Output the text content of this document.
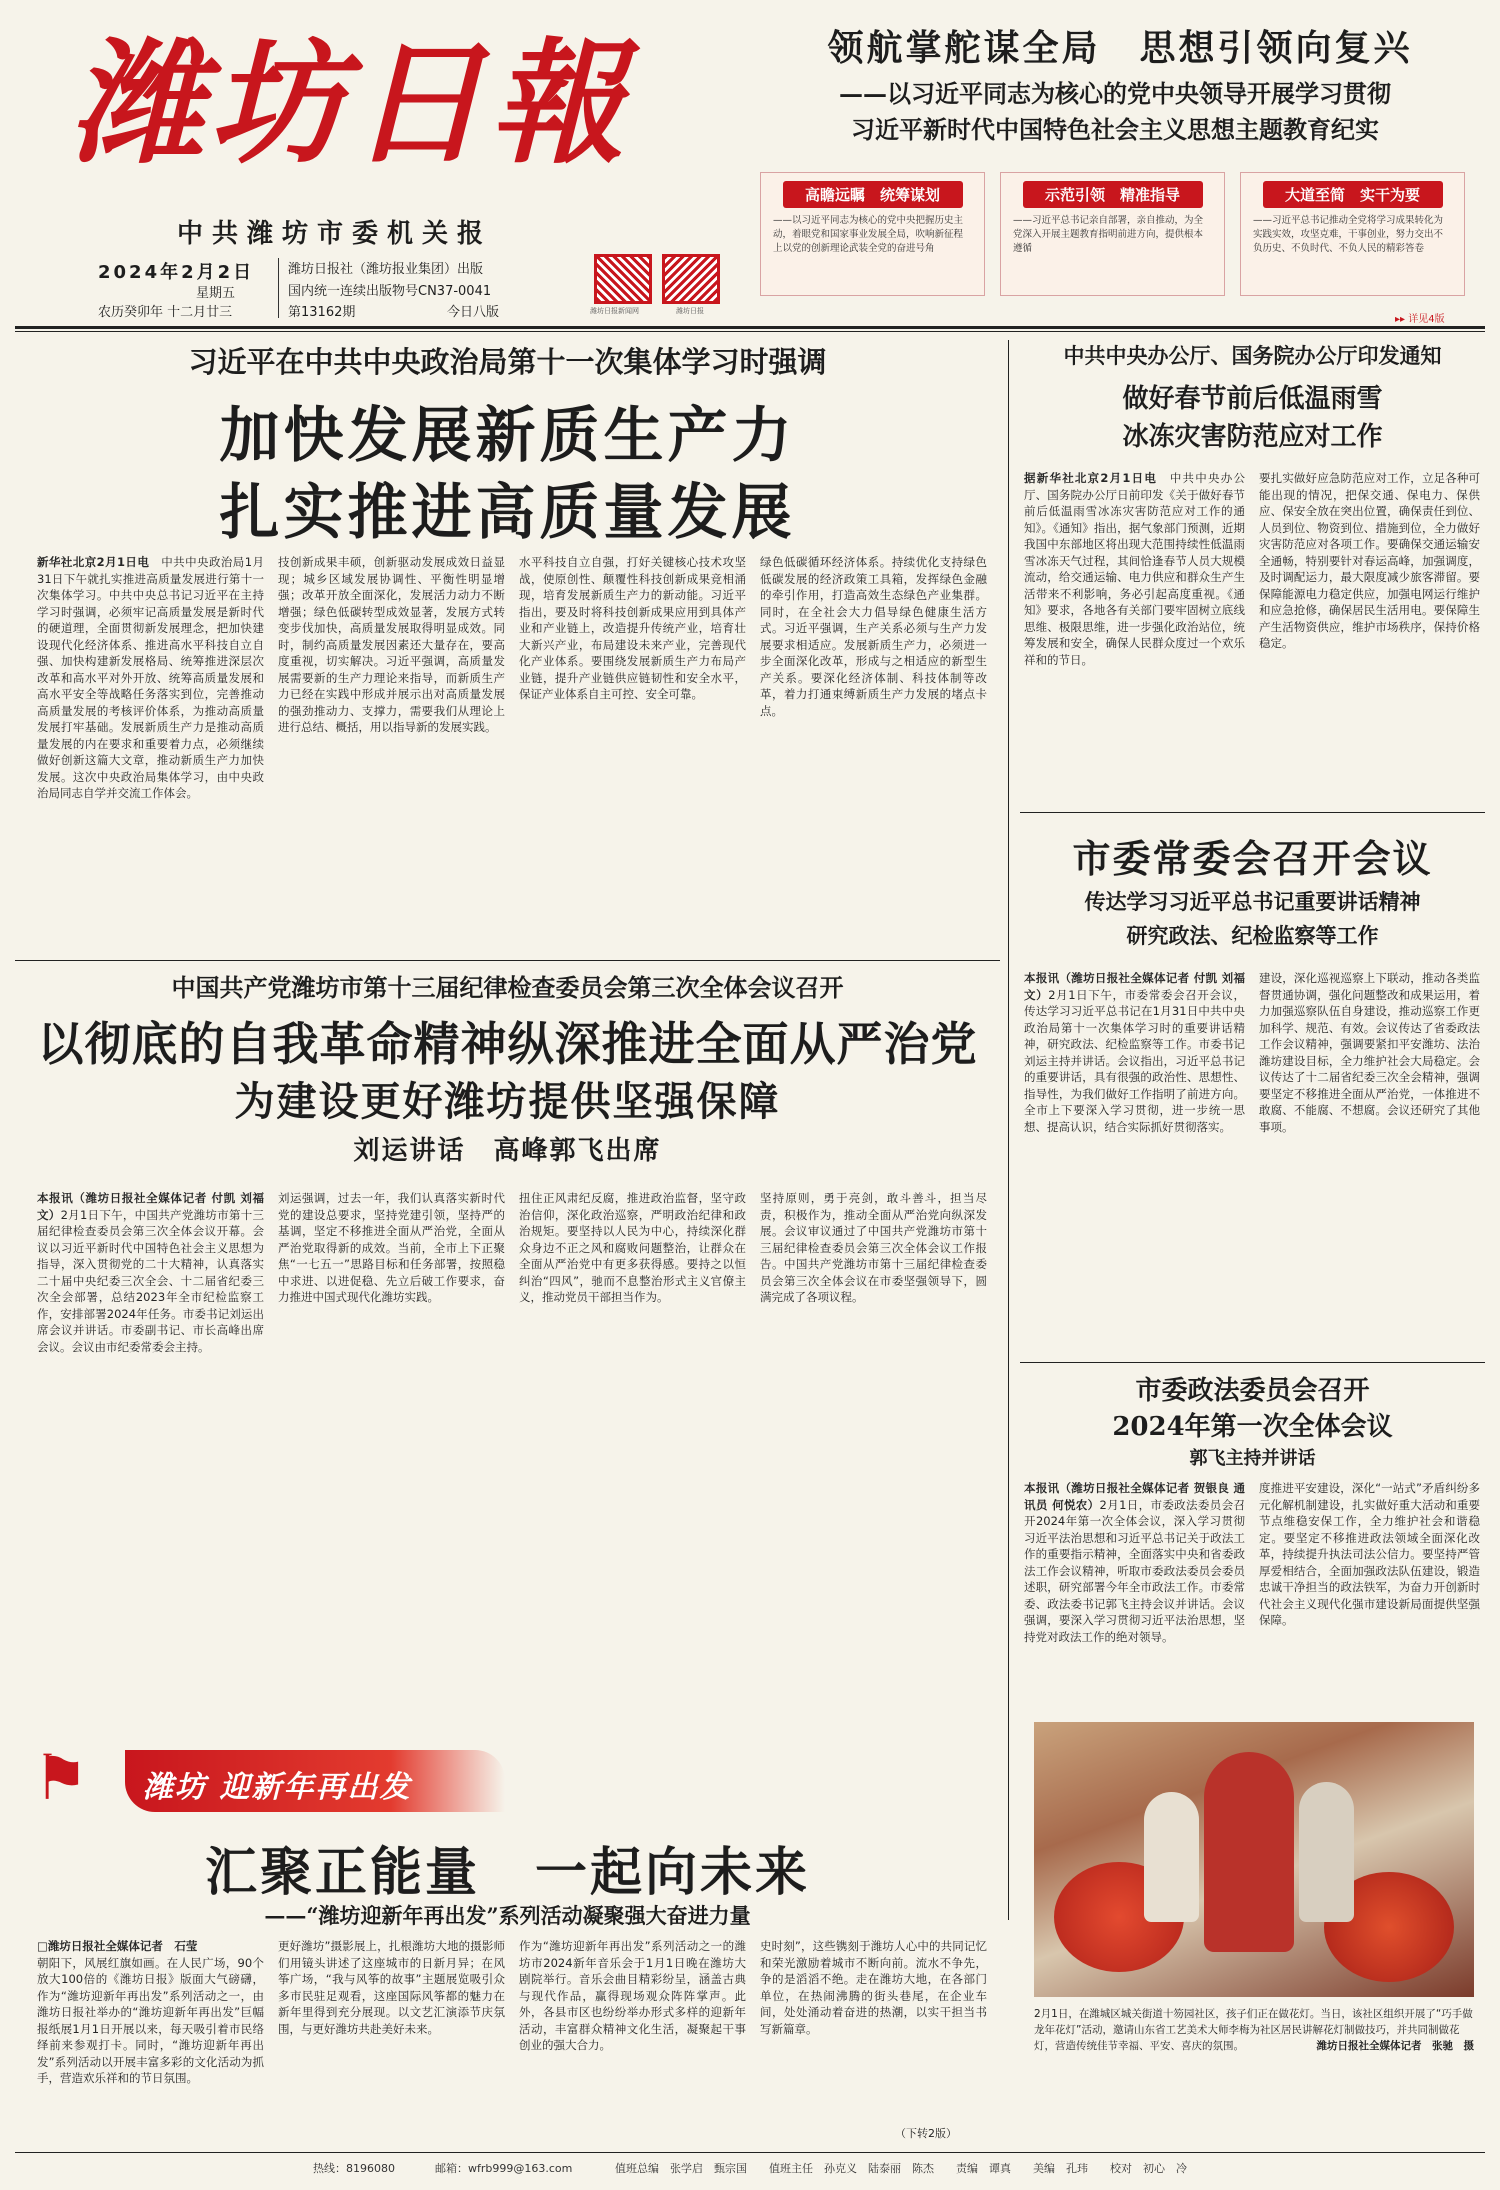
潍坊日報
中共潍坊市委机关报
2024年2月2日
星期五
农历癸卯年 十二月廿三
潍坊日报社（潍坊报业集团）出版
国内统一连续出版物号CN37-0041
第13162期	今日八版	潍坊日报新闻网	潍坊日报
领航掌舵谋全局　思想引领向复兴
——以习近平同志为核心的党中央领导开展学习贯彻
习近平新时代中国特色社会主义思想主题教育纪实
高瞻远瞩　统筹谋划
——以习近平同志为核心的党中央把握历史主动，着眼党和国家事业发展全局，吹响新征程上以党的创新理论武装全党的奋进号角
示范引领　精准指导
——习近平总书记亲自部署，亲自推动，为全党深入开展主题教育指明前进方向，提供根本遵循
大道至简　实干为要
——习近平总书记推动全党将学习成果转化为实践实效，攻坚克难，干事创业，努力交出不负历史、不负时代、不负人民的精彩答卷
▸▸ 详见4版
习近平在中共中央政治局第十一次集体学习时强调
加快发展新质生产力
扎实推进高质量发展
新华社北京2月1日电　 中共中央政治局1月31日下午就扎实推进高质量发展进行第十一次集体学习。中共中央总书记习近平在主持学习时强调，必须牢记高质量发展是新时代的硬道理，全面贯彻新发展理念，把加快建设现代化经济体系、推进高水平科技自立自强、加快构建新发展格局、统筹推进深层次改革和高水平对外开放、统筹高质量发展和高水平安全等战略任务落实到位，完善推动高质量发展的考核评价体系，为推动高质量发展打牢基础。发展新质生产力是推动高质量发展的内在要求和重要着力点，必须继续做好创新这篇大文章，推动新质生产力加快发展。这次中央政治局集体学习，由中央政治局同志自学并交流工作体会。
技创新成果丰硕，创新驱动发展成效日益显现；城乡区域发展协调性、平衡性明显增强；改革开放全面深化，发展活力动力不断增强；绿色低碳转型成效显著，发展方式转变步伐加快，高质量发展取得明显成效。同时，制约高质量发展因素还大量存在，要高度重视，切实解决。习近平强调，高质量发展需要新的生产力理论来指导，而新质生产力已经在实践中形成并展示出对高质量发展的强劲推动力、支撑力，需要我们从理论上进行总结、概括，用以指导新的发展实践。
水平科技自立自强，打好关键核心技术攻坚战，使原创性、颠覆性科技创新成果竞相涌现，培育发展新质生产力的新动能。习近平指出，要及时将科技创新成果应用到具体产业和产业链上，改造提升传统产业，培育壮大新兴产业，布局建设未来产业，完善现代化产业体系。要围绕发展新质生产力布局产业链，提升产业链供应链韧性和安全水平，保证产业体系自主可控、安全可靠。
绿色低碳循环经济体系。持续优化支持绿色低碳发展的经济政策工具箱，发挥绿色金融的牵引作用，打造高效生态绿色产业集群。同时，在全社会大力倡导绿色健康生活方式。习近平强调，生产关系必须与生产力发展要求相适应。发展新质生产力，必须进一步全面深化改革，形成与之相适应的新型生产关系。要深化经济体制、科技体制等改革，着力打通束缚新质生产力发展的堵点卡点。
中共中央办公厅、国务院办公厅印发通知
做好春节前后低温雨雪
冰冻灾害防范应对工作
据新华社北京2月1日电　 中共中央办公厅、国务院办公厅日前印发《关于做好春节前后低温雨雪冰冻灾害防范应对工作的通知》。《通知》指出，据气象部门预测，近期我国中东部地区将出现大范围持续性低温雨雪冰冻天气过程，其间恰逢春节人员大规模流动，给交通运输、电力供应和群众生产生活带来不利影响，务必引起高度重视。《通知》要求，各地各有关部门要牢固树立底线思维、极限思维，进一步强化政治站位，统筹发展和安全，确保人民群众度过一个欢乐祥和的节日。
要扎实做好应急防范应对工作，立足各种可能出现的情况，把保交通、保电力、保供应、保安全放在突出位置，确保责任到位、人员到位、物资到位、措施到位，全力做好灾害防范应对各项工作。要确保交通运输安全通畅，特别要针对春运高峰，加强调度，及时调配运力，最大限度减少旅客滞留。要保障能源电力稳定供应，加强电网运行维护和应急抢修，确保居民生活用电。要保障生产生活物资供应，维护市场秩序，保持价格稳定。
市委常委会召开会议
传达学习习近平总书记重要讲话精神
研究政法、纪检监察等工作
本报讯（潍坊日报社全媒体记者 付凯 刘福文）2月1日下午，市委常委会召开会议，传达学习习近平总书记在1月31日中共中央政治局第十一次集体学习时的重要讲话精神，研究政法、纪检监察等工作。市委书记刘运主持并讲话。会议指出，习近平总书记的重要讲话，具有很强的政治性、思想性、指导性，为我们做好工作指明了前进方向。全市上下要深入学习贯彻，进一步统一思想、提高认识，结合实际抓好贯彻落实。
建设，深化巡视巡察上下联动，推动各类监督贯通协调，强化问题整改和成果运用，着力加强巡察队伍自身建设，推动巡察工作更加科学、规范、有效。会议传达了省委政法工作会议精神，强调要紧扣平安潍坊、法治潍坊建设目标，全力维护社会大局稳定。会议传达了十二届省纪委三次全会精神，强调要坚定不移推进全面从严治党，一体推进不敢腐、不能腐、不想腐。会议还研究了其他事项。
市委政法委员会召开
2024年第一次全体会议
郭飞主持并讲话
本报讯（潍坊日报社全媒体记者 贺银良 通讯员 何悦农）2月1日，市委政法委员会召开2024年第一次全体会议，深入学习贯彻习近平法治思想和习近平总书记关于政法工作的重要指示精神，全面落实中央和省委政法工作会议精神，听取市委政法委员会委员述职，研究部署今年全市政法工作。市委常委、政法委书记郭飞主持会议并讲话。会议强调，要深入学习贯彻习近平法治思想，坚持党对政法工作的绝对领导。
度推进平安建设，深化“一站式”矛盾纠纷多元化解机制建设，扎实做好重大活动和重要节点维稳安保工作，全力维护社会和谐稳定。要坚定不移推进政法领域全面深化改革，持续提升执法司法公信力。要坚持严管厚爱相结合，全面加强政法队伍建设，锻造忠诚干净担当的政法铁军，为奋力开创新时代社会主义现代化强市建设新局面提供坚强保障。
2月1日，在潍城区城关街道十笏园社区，孩子们正在做花灯。当日，该社区组织开展了“巧手做龙年花灯”活动，邀请山东省工艺美术大师李梅为社区居民讲解花灯制做技巧，并共同制做花灯，营造传统佳节幸福、平安、喜庆的氛围。	潍坊日报社全媒体记者　张驰　摄
中国共产党潍坊市第十三届纪律检查委员会第三次全体会议召开
以彻底的自我革命精神纵深推进全面从严治党
为建设更好潍坊提供坚强保障
刘运讲话　高峰郭飞出席
本报讯（潍坊日报社全媒体记者 付凯 刘福文）2月1日下午，中国共产党潍坊市第十三届纪律检查委员会第三次全体会议开幕。会议以习近平新时代中国特色社会主义思想为指导，深入贯彻党的二十大精神，认真落实二十届中央纪委三次全会、十二届省纪委三次全会部署，总结2023年全市纪检监察工作，安排部署2024年任务。市委书记刘运出席会议并讲话。市委副书记、市长高峰出席会议。会议由市纪委常委会主持。
刘运强调，过去一年，我们认真落实新时代党的建设总要求，坚持党建引领，坚持严的基调，坚定不移推进全面从严治党，全面从严治党取得新的成效。当前，全市上下正聚焦“一七五一”思路目标和任务部署，按照稳中求进、以进促稳、先立后破工作要求，奋力推进中国式现代化潍坊实践。
扭住正风肃纪反腐，推进政治监督，坚守政治信仰，深化政治巡察，严明政治纪律和政治规矩。要坚持以人民为中心，持续深化群众身边不正之风和腐败问题整治，让群众在全面从严治党中有更多获得感。要持之以恒纠治“四风”，驰而不息整治形式主义官僚主义，推动党员干部担当作为。
坚持原则，勇于亮剑，敢斗善斗，担当尽责，积极作为，推动全面从严治党向纵深发展。会议审议通过了中国共产党潍坊市第十三届纪律检查委员会第三次全体会议工作报告。中国共产党潍坊市第十三届纪律检查委员会第三次全体会议在市委坚强领导下，圆满完成了各项议程。
⚑	潍坊 迎新年再出发
汇聚正能量　一起向未来
——“潍坊迎新年再出发”系列活动凝聚强大奋进力量
□潍坊日报社全媒体记者　石莹
朝阳下，风展红旗如画。在人民广场，90个放大100倍的《潍坊日报》版面大气磅礴，作为“潍坊迎新年再出发”系列活动之一，由潍坊日报社举办的“潍坊迎新年再出发”巨幅报纸展1月1日开展以来，每天吸引着市民络绎前来参观打卡。同时，“潍坊迎新年再出发”系列活动以开展丰富多彩的文化活动为抓手，营造欢乐祥和的节日氛围。
更好潍坊”摄影展上，扎根潍坊大地的摄影师们用镜头讲述了这座城市的日新月异；在风筝广场，“我与风筝的故事”主题展览吸引众多市民驻足观看，这座国际风筝都的魅力在新年里得到充分展现。以文艺汇演添节庆氛围，与更好潍坊共赴美好未来。
作为“潍坊迎新年再出发”系列活动之一的潍坊市2024新年音乐会于1月1日晚在潍坊大剧院举行。音乐会曲目精彩纷呈，涵盖古典与现代作品，赢得现场观众阵阵掌声。此外，各县市区也纷纷举办形式多样的迎新年活动，丰富群众精神文化生活，凝聚起干事创业的强大合力。
史时刻”，这些镌刻于潍坊人心中的共同记忆和荣光激励着城市不断向前。流水不争先，争的是滔滔不绝。走在潍坊大地，在各部门单位，在热闹沸腾的街头巷尾，在企业车间，处处涌动着奋进的热潮，以实干担当书写新篇章。
（下转2版）
热线：8196080	邮箱：wfrb999@163.com	值班总编　张学启　甄宗国　　值班主任　孙克义　陆泰丽　陈杰　　责编　谭真　　美编　孔玮　　校对　初心　冷
